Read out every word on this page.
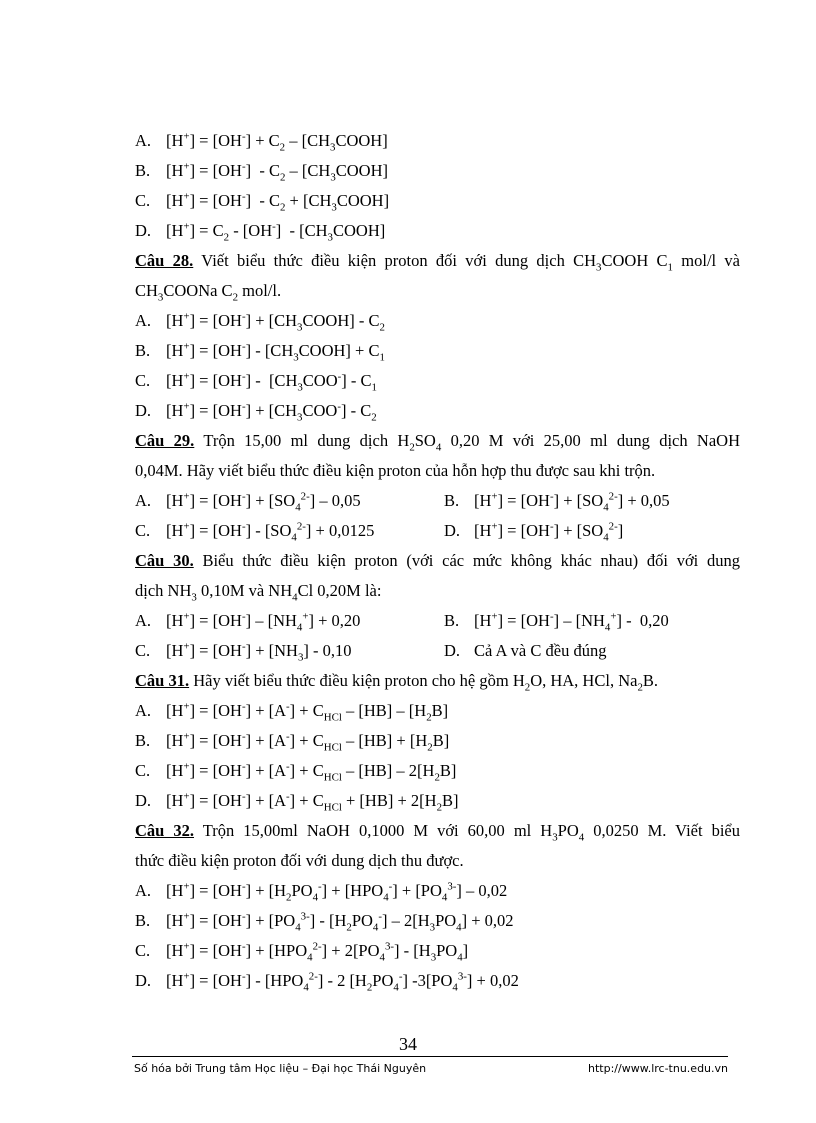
A. $[H^+] = [OH^-] + C_2$ – $[CH_3COOH]$
B. $[H^+] = [OH^-] - C_2$ – $[CH_3COOH]$
C. $[H^+] = [OH^-] - C_2$ + $[CH_3COOH]$
D. $[H^+] = C_2 - [OH^-]$  - $[CH_3COOH]$
Câu 28. Viết biểu thức điều kiện proton đối với dung dịch $CH_3COOH$ $C_1$ mol/l và
$CH_3COONa$ $C_2$ mol/l.
A. $[H^+] = [OH^-] + [CH_3COOH] - C_2$
B. $[H^+] = [OH^-] - [CH_3COOH] + C_1$
C. $[H^+] = [OH^-] - [CH_3COO^-] - C_1$
D. $[H^+] = [OH^-] + [CH_3COO^-] - C_2$
Câu 29. Trộn 15,00 ml dung dịch $H_2SO_4$ 0,20 M với 25,00 ml dung dịch NaOH
0,04M. Hãy viết biểu thức điều kiện proton của hỗn hợp thu được sau khi trộn.
A. $[H^+] = [OH^-] + [SO_4^{2-}] - 0,05$	B. $[H^+] = [OH^-] + [SO_4^{2-}] + 0,05$
C. $[H^+] = [OH^-] - [SO_4^{2-}] + 0,0125$	D. $[H^+] = [OH^-] + [SO_4^{2-}]$
Câu 30. Biểu thức điều kiện proton (với các mức không khác nhau) đối với dung
dịch $NH_3$ 0,10M và $NH_4Cl$ 0,20M là:
A. $[H^+] = [OH^-] - [NH_4^+] + 0,20$	B. $[H^+] = [OH^-] - [NH_4^+] - 0,20$
C. $[H^+] = [OH^-] + [NH_3] - 0,10$	D. Cả A và C đều đúng
Câu 31. Hãy viết biểu thức điều kiện proton cho hệ gồm $H_2O$, HA, HCl, $Na_2B$.
A. $[H^+] = [OH^-] + [A^-] + C_{HCl} - [HB] - [H_2B]$
B. $[H^+] = [OH^-] + [A^-] + C_{HCl} - [HB] + [H_2B]$
C. $[H^+] = [OH^-] + [A^-] + C_{HCl} - [HB] - 2[H_2B]$
D. $[H^+] = [OH^-] + [A^-] + C_{HCl} + [HB] + 2[H_2B]$
Câu 32. Trộn 15,00ml NaOH 0,1000 M với 60,00 ml $H_3PO_4$ 0,0250 M. Viết biểu
thức điều kiện proton đối với dung dịch thu được.
A. $[H^+] = [OH^-] + [H_2PO_4^-] + [HPO_4^-] + [PO_4^{3-}] - 0,02$
B. $[H^+] = [OH^-] + [PO_4^{3-}] - [H_2PO_4^-] - 2[H_3PO_4] + 0,02$
C. $[H^+] = [OH^-] + [HPO_4^{2-}] + 2[PO_4^{3-}] - [H_3PO_4]$
D. $[H^+] = [OH^-] - [HPO_4^{2-}] - 2$ $[H_2PO_4^-] -3[PO_4^{3-}] + 0,02$
34
Số hóa bởi Trung tâm Học liệu – Đại học Thái Nguyên	http://www.lrc-tnu.edu.vn
